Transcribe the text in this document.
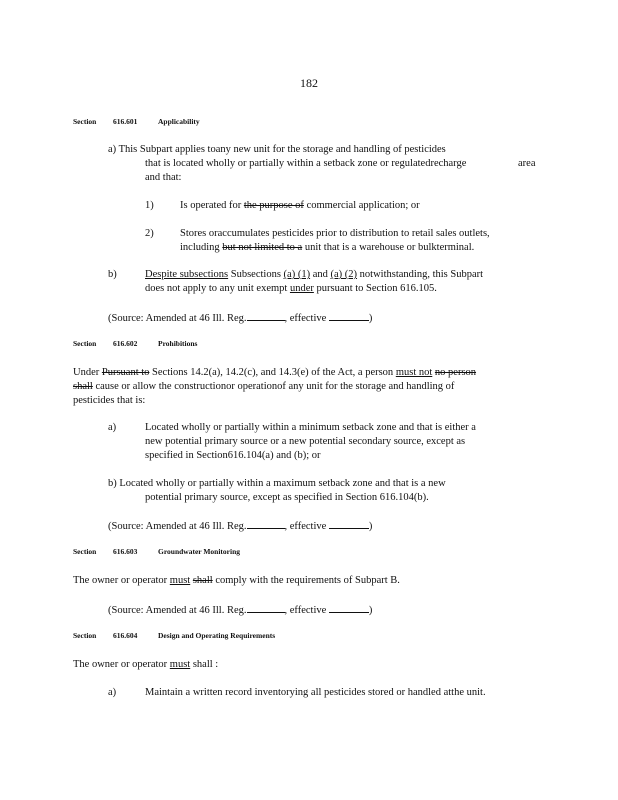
182
Section 616.601	Applicability
a) This Subpart applies toany new unit for the storage and handling of pesticides
that is located wholly or partially within a setback zone or regulatedrecharge	area
and that:
1)	Is operated for the purpose of commercial application; or
2)	Stores oraccumulates pesticides prior to distribution to retail sales outlets,
including but not limited to a unit that is a warehouse or bulkterminal.
b)	Despite subsections Subsections (a) (1) and (a) (2) notwithstanding, this Subpart
does not apply to any unit exempt under pursuant to Section 616.105.
(Source: Amended at 46 Ill. Reg.	, effective	)
Section 616.602	Prohibitions
Under Pursuant to Sections 14.2(a), 14.2(c), and 14.3(e) of the Act, a person must not no person
shall cause or allow the constructionor operationof any unit for the storage and handling of
pesticides that is:
a)	Located wholly or partially within a minimum setback zone and that is either a
new potential primary source or a new potential secondary source, except as
specified in Section616.104(a) and (b); or
b) Located wholly or partially within a maximum setback zone and that is a new
potential primary source, except as specified in Section 616.104(b).
(Source: Amended at 46 Ill. Reg.	, effective	)
Section 616.603	Groundwater Monitoring
The owner or operator must shall comply with the requirements of Subpart B.
(Source: Amended at 46 Ill. Reg.	, effective	)
Section 616.604	Design and Operating Requirements
The owner or operator must shall :
a)	Maintain a written record inventorying all pesticides stored or handled atthe unit.
